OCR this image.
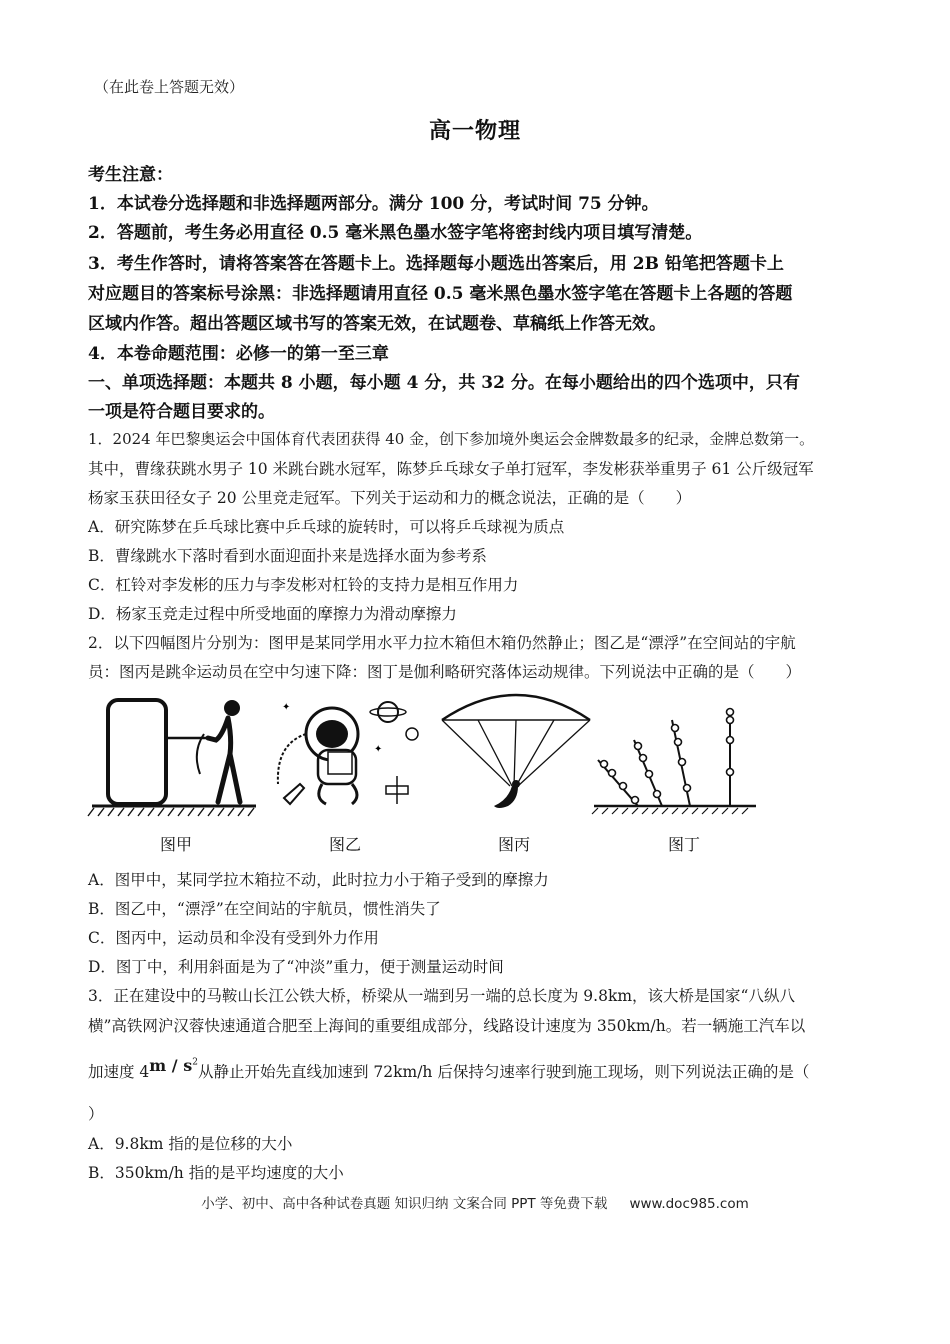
（在此卷上答题无效）
高一物理
考生注意：
1．本试卷分选择题和非选择题两部分。满分 100 分，考试时间 75 分钟。
2．答题前，考生务必用直径 0.5 毫米黑色墨水签字笔将密封线内项目填写清楚。
3．考生作答时，请将答案答在答题卡上。选择题每小题选出答案后，用 2B 铅笔把答题卡上
对应题目的答案标号涂黑：非选择题请用直径 0.5 毫米黑色墨水签字笔在答题卡上各题的答题
区域内作答。超出答题区域书写的答案无效，在试题卷、草稿纸上作答无效。
4．本卷命题范围：必修一的第一至三章
一、单项选择题：本题共 8 小题，每小题 4 分，共 32 分。在每小题给出的四个选项中，只有
一项是符合题目要求的。
1．2024 年巴黎奥运会中国体育代表团获得 40 金，创下参加境外奥运会金牌数最多的纪录，金牌总数第一。
其中，曹缘获跳水男子 10 米跳台跳水冠军，陈梦乒乓球女子单打冠军，李发彬获举重男子 61 公斤级冠军
杨家玉获田径女子 20 公里竞走冠军。下列关于运动和力的概念说法，正确的是（　　）
A．研究陈梦在乒乓球比赛中乒乓球的旋转时，可以将乒乓球视为质点
B．曹缘跳水下落时看到水面迎面扑来是选择水面为参考系
C．杠铃对李发彬的压力与李发彬对杠铃的支持力是相互作用力
D．杨家玉竞走过程中所受地面的摩擦力为滑动摩擦力
2．以下四幅图片分别为：图甲是某同学用水平力拉木箱但木箱仍然静止；图乙是“漂浮”在空间站的宇航
员：图丙是跳伞运动员在空中匀速下降：图丁是伽利略研究落体运动规律。下列说法中正确的是（　　）
✦
✦
图甲	图乙	图丙	图丁
A．图甲中，某同学拉木箱拉不动，此时拉力小于箱子受到的摩擦力
B．图乙中，“漂浮”在空间站的宇航员，惯性消失了
C．图丙中，运动员和伞没有受到外力作用
D．图丁中，利用斜面是为了“冲淡”重力，便于测量运动时间
3．正在建设中的马鞍山长江公铁大桥，桥梁从一端到另一端的总长度为 9.8km，该大桥是国家“八纵八
横”高铁网沪汉蓉快速通道合肥至上海间的重要组成部分，线路设计速度为 350km/h。若一辆施工汽车以
加速度 $4m / s^2$从静止开始先直线加速到 72km/h 后保持匀速率行驶到施工现场，则下列说法正确的是（
）
A．9.8km 指的是位移的大小
B．350km/h 指的是平均速度的大小
小学、初中、高中各种试卷真题 知识归纳 文案合同 PPT 等免费下载 www.doc985.com
